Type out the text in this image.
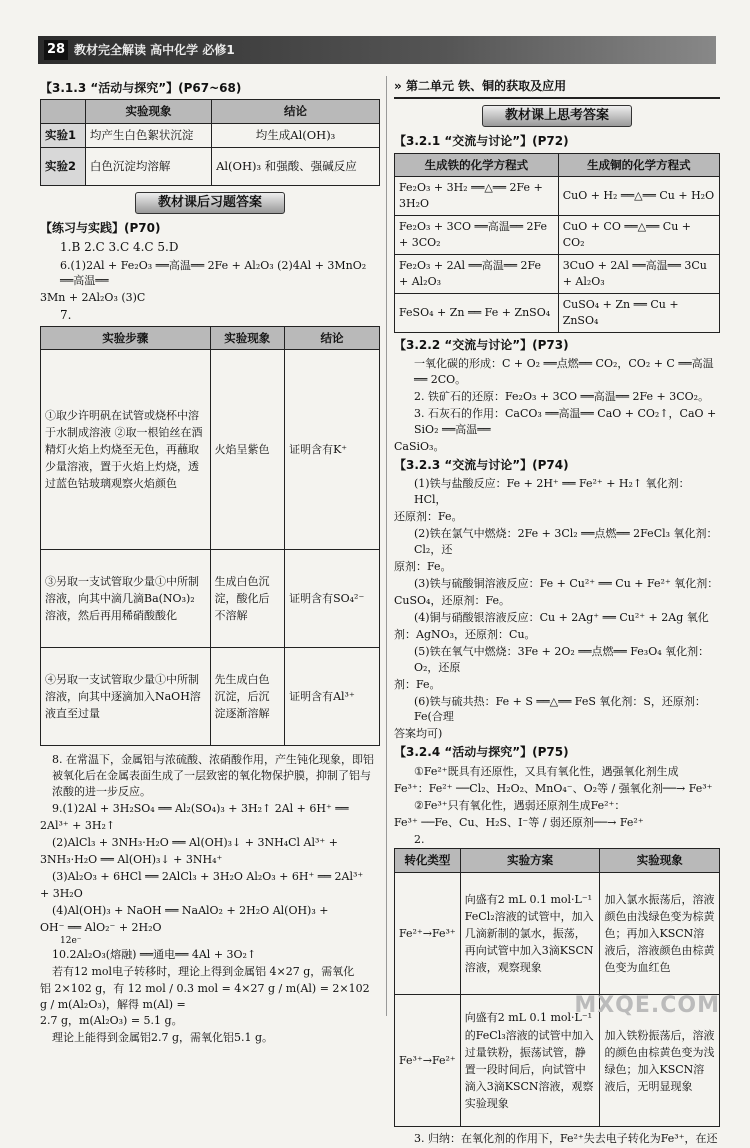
28 教材完全解读 高中化学 必修1
【3.1.3 “活动与探究”】(P67~68)
	实验现象	结论
实验1	均产生白色絮状沉淀	均生成Al(OH)₃
实验2	白色沉淀均溶解	Al(OH)₃ 和强酸、强碱反应
教材课后习题答案
【练习与实践】(P70)

1.B 2.C 3.C 4.C 5.D

6.(1)2Al + Fe₂O₃ ══高温══ 2Fe + Al₂O₃ (2)4Al + 3MnO₂ ══高温══

3Mn + 2Al₂O₃ (3)C

7.

实验步骤	实验现象	结论
①取少许明矾在试管或烧杯中溶于水制成溶液 ②取一根铂丝在酒精灯火焰上灼烧至无色，再蘸取少量溶液，置于火焰上灼烧，透过蓝色钴玻璃观察火焰颜色	火焰呈紫色	证明含有K⁺
③另取一支试管取少量①中所制溶液，向其中滴几滴Ba(NO₃)₂溶液，然后再用稀硝酸酸化	生成白色沉淀，酸化后不溶解	证明含有SO₄²⁻
④另取一支试管取少量①中所制溶液，向其中逐滴加入NaOH溶液直至过量	先生成白色沉淀，后沉淀逐渐溶解	证明含有Al³⁺

8. 在常温下，金属铝与浓硫酸、浓硝酸作用，产生钝化现象，即铝被氧化后在金属表面生成了一层致密的氧化物保护膜，抑制了铝与浓酸的进一步反应。

9.(1)2Al + 3H₂SO₄ ══ Al₂(SO₄)₃ + 3H₂↑ 2Al + 6H⁺ ══

2Al³⁺ + 3H₂↑

(2)AlCl₃ + 3NH₃·H₂O ══ Al(OH)₃↓ + 3NH₄Cl Al³⁺ +

3NH₃·H₂O ══ Al(OH)₃↓ + 3NH₄⁺

(3)Al₂O₃ + 6HCl ══ 2AlCl₃ + 3H₂O Al₂O₃ + 6H⁺ ══ 2Al³⁺

+ 3H₂O

(4)Al(OH)₃ + NaOH ══ NaAlO₂ + 2H₂O Al(OH)₃ +

OH⁻ ══ AlO₂⁻ + 2H₂O

12e⁻

10.2Al₂O₃(熔融) ══通电══ 4Al + 3O₂↑

若有12 mol电子转移时，理论上得到金属铝 4×27 g，需氧化

铝 2×102 g，有 12 mol / 0.3 mol = 4×27 g / m(Al) = 2×102 g / m(Al₂O₃)，解得 m(Al) =

2.7 g，m(Al₂O₃) = 5.1 g。

理论上能得到金属铝2.7 g，需氧化铝5.1 g。

» 第二单元 铁、铜的获取及应用
教材课上思考答案
【3.2.1 “交流与讨论”】(P72)
生成铁的化学方程式	生成铜的化学方程式
Fe₂O₃ + 3H₂ ══△══ 2Fe + 3H₂O	CuO + H₂ ══△══ Cu + H₂O
Fe₂O₃ + 3CO ══高温══ 2Fe + 3CO₂	CuO + CO ══△══ Cu + CO₂
Fe₂O₃ + 2Al ══高温══ 2Fe + Al₂O₃	3CuO + 2Al ══高温══ 3Cu + Al₂O₃
FeSO₄ + Zn ══ Fe + ZnSO₄	CuSO₄ + Zn ══ Cu + ZnSO₄
【3.2.2 “交流与讨论”】(P73)

一氧化碳的形成：C + O₂ ══点燃══ CO₂，CO₂ + C ══高温══ 2CO。

2. 铁矿石的还原：Fe₂O₃ + 3CO ══高温══ 2Fe + 3CO₂。

3. 石灰石的作用：CaCO₃ ══高温══ CaO + CO₂↑，CaO + SiO₂ ══高温══

CaSiO₃。

【3.2.3 “交流与讨论”】(P74)

(1)铁与盐酸反应：Fe + 2H⁺ ══ Fe²⁺ + H₂↑ 氧化剂：HCl，

还原剂：Fe。

(2)铁在氯气中燃烧：2Fe + 3Cl₂ ══点燃══ 2FeCl₃ 氧化剂：Cl₂，还

原剂：Fe。

(3)铁与硫酸铜溶液反应：Fe + Cu²⁺ ══ Cu + Fe²⁺ 氧化剂：

CuSO₄，还原剂：Fe。

(4)铜与硝酸银溶液反应：Cu + 2Ag⁺ ══ Cu²⁺ + 2Ag 氧化

剂：AgNO₃，还原剂：Cu。

(5)铁在氧气中燃烧：3Fe + 2O₂ ══点燃══ Fe₃O₄ 氧化剂：O₂，还原

剂：Fe。

(6)铁与硫共热：Fe + S ══△══ FeS 氧化剂：S，还原剂：Fe(合理

答案均可)

【3.2.4 “活动与探究”】(P75)

①Fe²⁺既具有还原性，又具有氧化性，遇强氧化剂生成

Fe³⁺：Fe²⁺ ──Cl₂、H₂O₂、MnO₄⁻、O₂等 / 强氧化剂──→ Fe³⁺

②Fe³⁺只有氧化性，遇弱还原剂生成Fe²⁺：

Fe³⁺ ──Fe、Cu、H₂S、I⁻等 / 弱还原剂──→ Fe²⁺

2.

转化类型	实验方案	实验现象
Fe²⁺→Fe³⁺	向盛有2 mL 0.1 mol·L⁻¹ FeCl₂溶液的试管中，加入几滴新制的氯水，振荡，再向试管中加入3滴KSCN溶液，观察现象	加入氯水振荡后，溶液颜色由浅绿色变为棕黄色；再加入KSCN溶液后，溶液颜色由棕黄色变为血红色
Fe³⁺→Fe²⁺	向盛有2 mL 0.1 mol·L⁻¹的FeCl₃溶液的试管中加入过量铁粉，振荡试管，静置一段时间后，向试管中滴入3滴KSCN溶液，观察实验现象	加入铁粉振荡后，溶液的颜色由棕黄色变为浅绿色；加入KSCN溶液后，无明显现象

3. 归纳：在氧化剂的作用下，Fe²⁺失去电子转化为Fe³⁺，在还

MXQE.COM
